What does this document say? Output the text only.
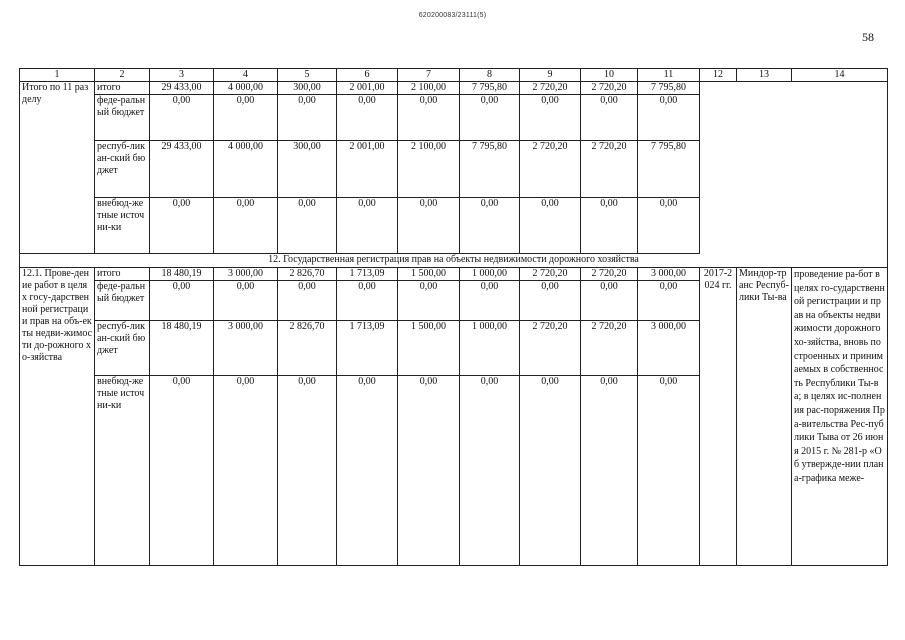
620200083/23111(5)
58
1	2	3	4	5	6	7	8	9	10	11	12	13	14
Итого по 11 разделу	итого	29 433,00	4 000,00	300,00	2 001,00	2 100,00	7 795,80	2 720,20	2 720,20	7 795,80			
	феде-ральный бюджет	0,00	0,00	0,00	0,00	0,00	0,00	0,00	0,00	0,00			
	респуб-ликан-ский бюджет	29 433,00	4 000,00	300,00	2 001,00	2 100,00	7 795,80	2 720,20	2 720,20	7 795,80			
	внебюд-жетные источни-ки	0,00	0,00	0,00	0,00	0,00	0,00	0,00	0,00	0,00			
12. Государственная регистрация прав на объекты недвижимости дорожного хозяйства													
12.1. Прове-дение работ в целях госу-дарственной регистрации прав на объ-екты недви-жимости до-рожного хо-зяйства	итого	18 480,19	3 000,00	2 826,70	1 713,09	1 500,00	1 000,00	2 720,20	2 720,20	3 000,00	2017-2024 гг.	Миндор-транс Респуб-лики Ты-ва	проведение ра-бот в целях го-сударственной регистрации и прав на объекты недвижимости дорожного хо-зяйства, вновь построенных и принимаемых в собственность Республики Ты-ва; в целях ис-полнения рас-поряжения Пра-вительства Рес-публики Тыва от 26 июня 2015 г. № 281-р «Об утвержде-нии плана-графика меже-
	феде-ральный бюджет	0,00	0,00	0,00	0,00	0,00	0,00	0,00	0,00	0,00			
	респуб-ликан-ский бюджет	18 480,19	3 000,00	2 826,70	1 713,09	1 500,00	1 000,00	2 720,20	2 720,20	3 000,00			
	внебюд-жетные источни-ки	0,00	0,00	0,00	0,00	0,00	0,00	0,00	0,00	0,00			
